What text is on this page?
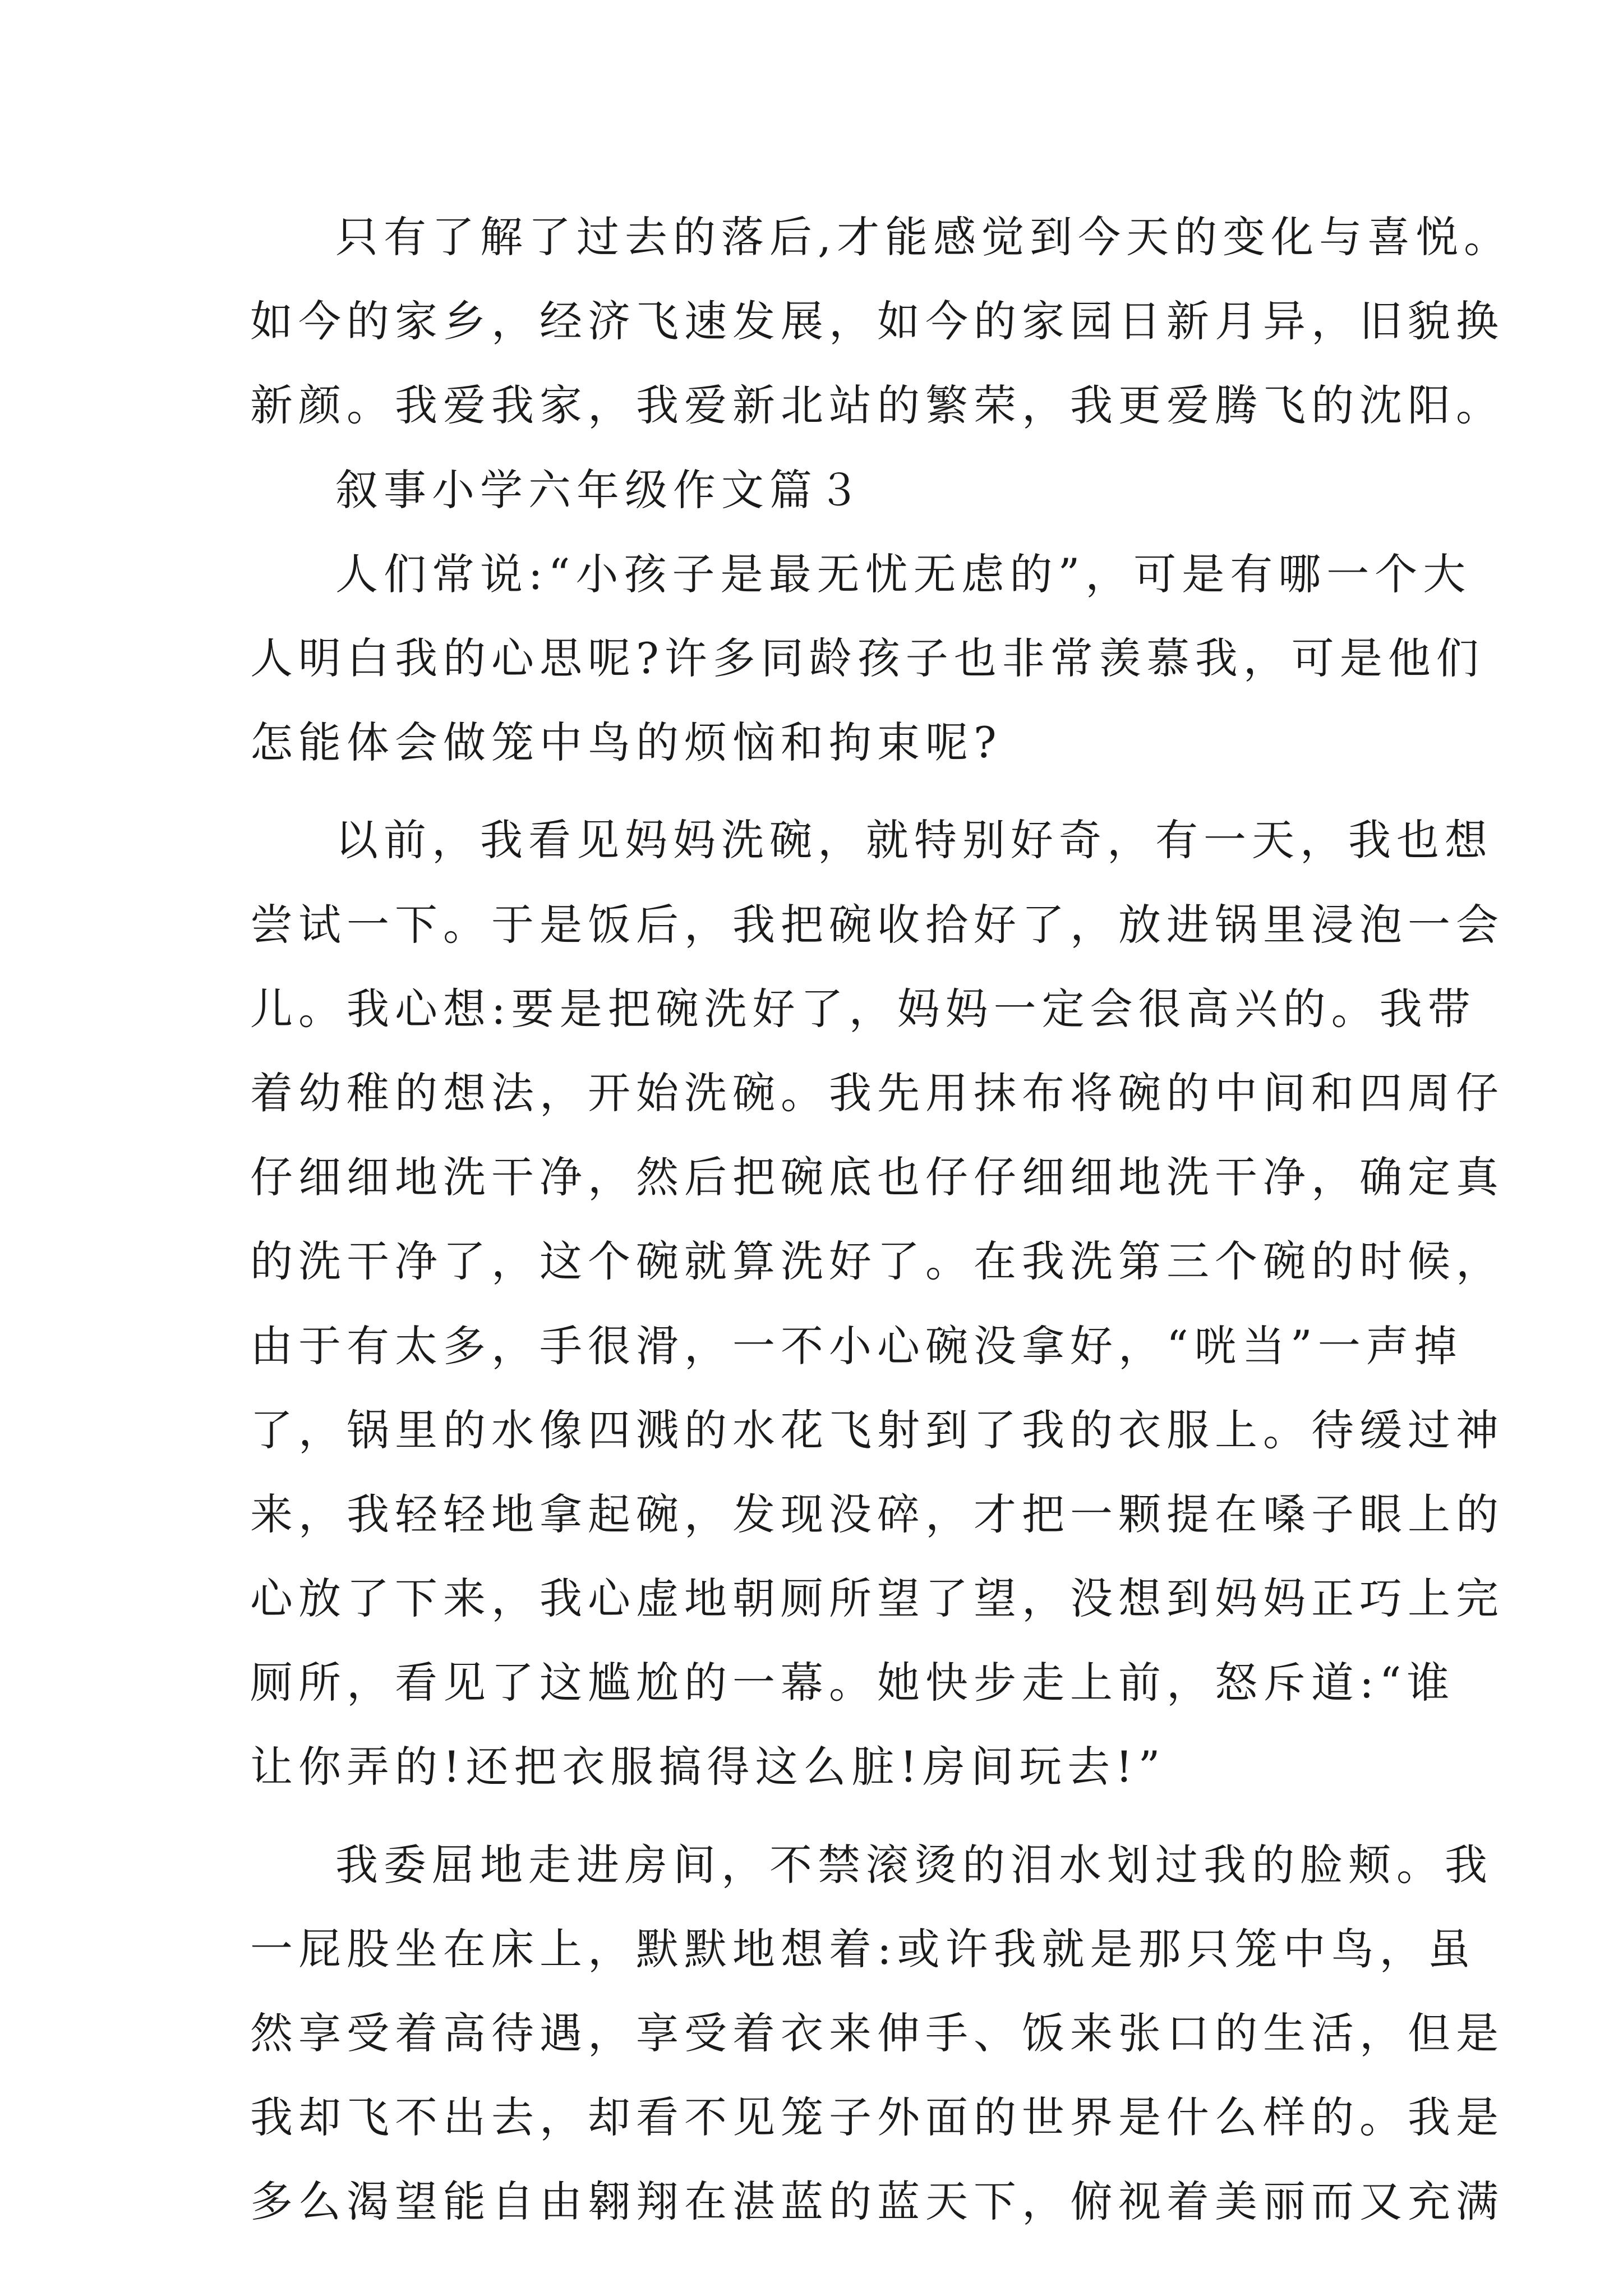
只有了解了过去的落后,才能感觉到今天的变化与喜悦。
如今的家乡，经济飞速发展，如今的家园日新月异，旧貌换
新颜。我爱我家，我爱新北站的繁荣，我更爱腾飞的沈阳。
叙事小学六年级作文篇３
人们常说:“小孩子是最无忧无虑的”，可是有哪一个大
人明白我的心思呢?许多同龄孩子也非常羡慕我，可是他们
怎能体会做笼中鸟的烦恼和拘束呢?
以前，我看见妈妈洗碗，就特别好奇，有一天，我也想
尝试一下。于是饭后，我把碗收拾好了，放进锅里浸泡一会
儿。我心想:要是把碗洗好了，妈妈一定会很高兴的。我带
着幼稚的想法，开始洗碗。我先用抹布将碗的中间和四周仔
仔细细地洗干净，然后把碗底也仔仔细细地洗干净，确定真
的洗干净了，这个碗就算洗好了。在我洗第三个碗的时候，
由于有太多，手很滑，一不小心碗没拿好，“咣当”一声掉
了，锅里的水像四溅的水花飞射到了我的衣服上。待缓过神
来，我轻轻地拿起碗，发现没碎，才把一颗提在嗓子眼上的
心放了下来，我心虚地朝厕所望了望，没想到妈妈正巧上完
厕所，看见了这尴尬的一幕。她快步走上前，怒斥道:“谁
让你弄的!还把衣服搞得这么脏!房间玩去!”
我委屈地走进房间，不禁滚烫的泪水划过我的脸颊。我
一屁股坐在床上，默默地想着:或许我就是那只笼中鸟，虽
然享受着高待遇，享受着衣来伸手、饭来张口的生活，但是
我却飞不出去，却看不见笼子外面的世界是什么样的。我是
多么渴望能自由翱翔在湛蓝的蓝天下，俯视着美丽而又充满
